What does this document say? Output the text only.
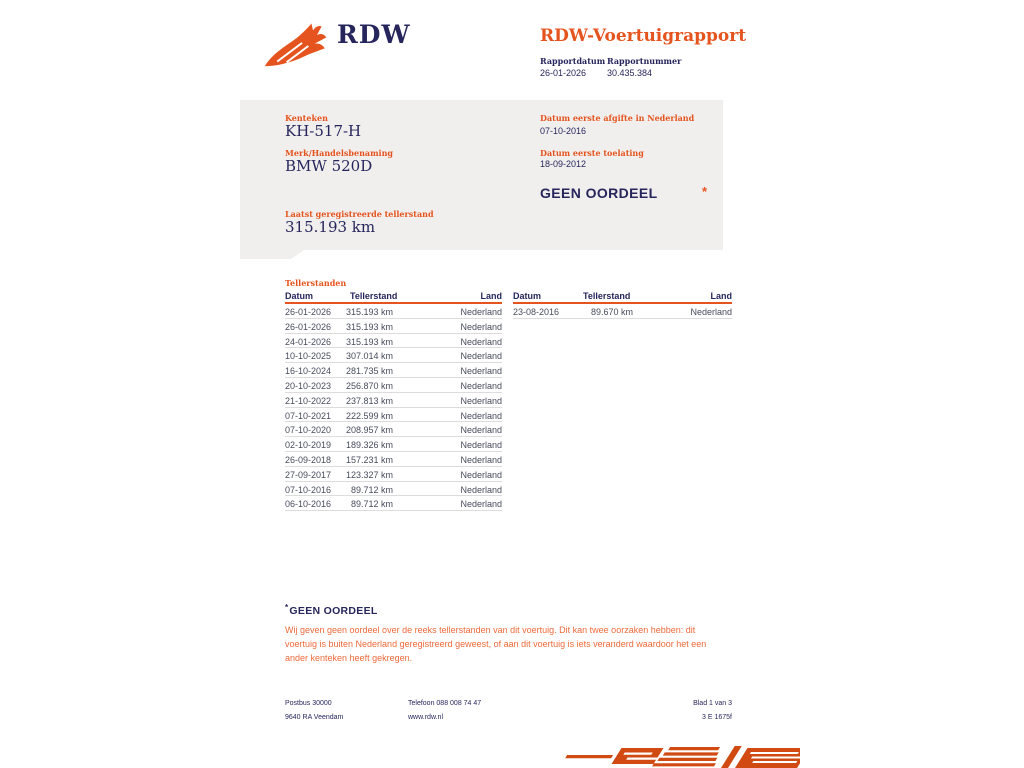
RDW	RDW-Voertuigrapport
Rapportdatum Rapportnummer
26-01-2026 30.435.384
Kenteken
KH-517-H
Merk/Handelsbenaming
BMW 520D
Laatst geregistreerde tellerstand
315.193 km
Datum eerste afgifte in Nederland
07-10-2016
Datum eerste toelating
18-09-2012
GEEN OORDEEL	*
Tellerstanden
Datum	Tellerstand	Land
26-01-2026	315.193 km	Nederland
26-01-2026	315.193 km	Nederland
24-01-2026	315.193 km	Nederland
10-10-2025	307.014 km	Nederland
16-10-2024	281.735 km	Nederland
20-10-2023	256.870 km	Nederland
21-10-2022	237.813 km	Nederland
07-10-2021	222.599 km	Nederland
07-10-2020	208.957 km	Nederland
02-10-2019	189.326 km	Nederland
26-09-2018	157.231 km	Nederland
27-09-2017	123.327 km	Nederland
07-10-2016	89.712 km	Nederland
06-10-2016	89.712 km	Nederland
Datum	Tellerstand	Land
23-08-2016	89.670 km	Nederland
*GEEN OORDEEL
Wij geven geen oordeel over de reeks tellerstanden van dit voertuig. Dit kan twee oorzaken hebben: dit voertuig is buiten Nederland geregistreerd geweest, of aan dit voertuig is iets veranderd waardoor het een ander kenteken heeft gekregen.
Postbus 30000
9640 RA Veendam
Telefoon 088 008 74 47
www.rdw.nl
Blad 1 van 3
3 E 1675f
